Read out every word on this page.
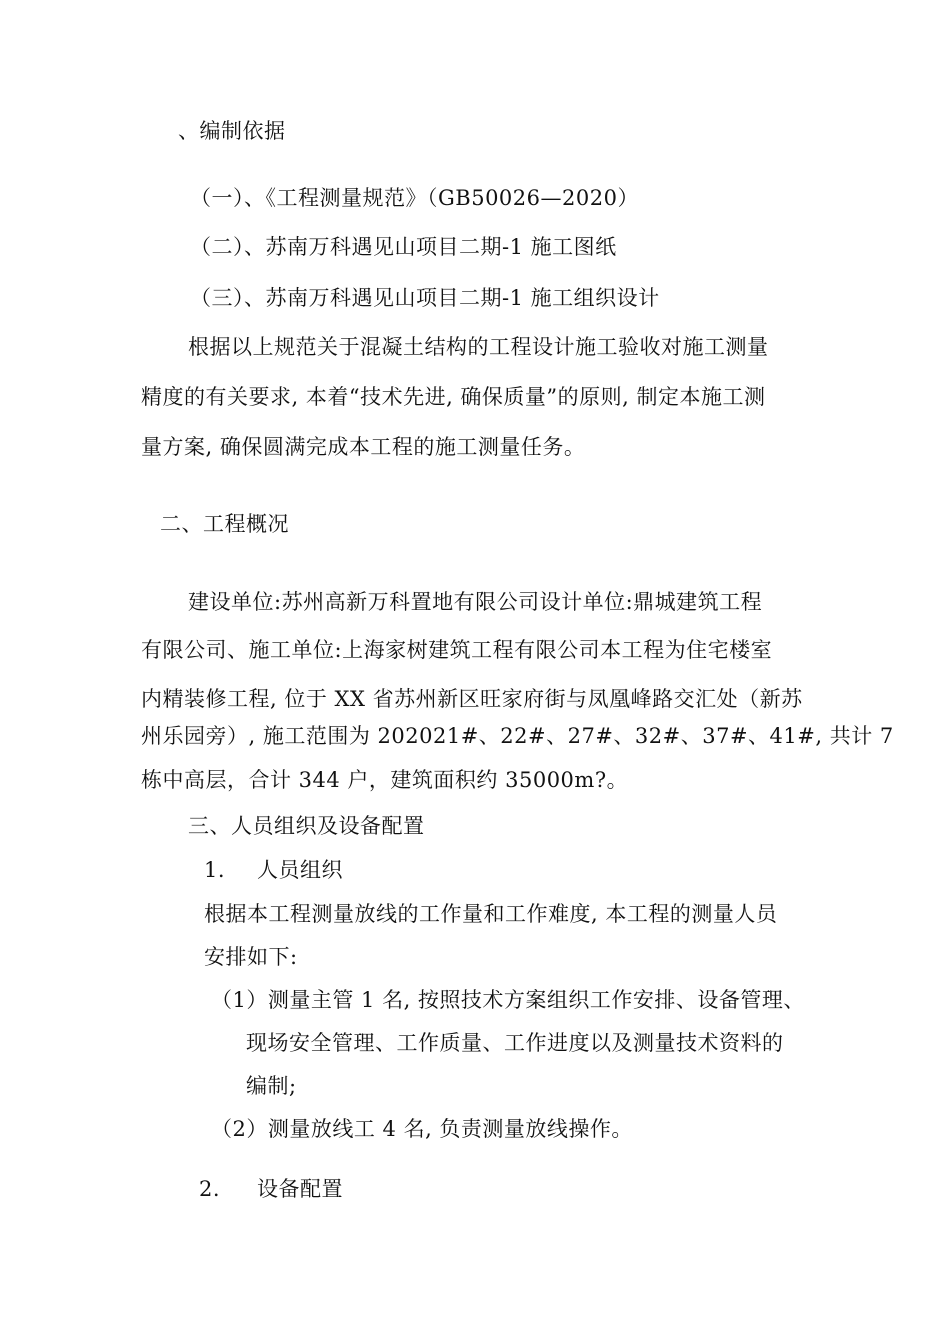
、编制依据
（一）、《工程测量规范》（GB50026—2020）
（二）、苏南万科遇见山项目二期-1 施工图纸
（三）、苏南万科遇见山项目二期-1 施工组织设计
根据以上规范关于混凝土结构的工程设计施工验收对施工测量
精度的有关要求, 本着“技术先进, 确保质量”的原则, 制定本施工测
量方案, 确保圆满完成本工程的施工测量任务。
二、工程概况
建设单位:苏州高新万科置地有限公司设计单位:鼎城建筑工程
有限公司、施工单位:上海家树建筑工程有限公司本工程为住宅楼室
内精装修工程, 位于 XX 省苏州新区旺家府街与凤凰峰路交汇处（新苏
州乐园旁）, 施工范围为 202021#、22#、27#、32#、37#、41#, 共计 7
栋中高层，合计 344 户，建筑面积约 35000m?。
三、人员组织及设备配置
1. 人员组织
根据本工程测量放线的工作量和工作难度, 本工程的测量人员
安排如下:
（1）测量主管 1 名, 按照技术方案组织工作安排、设备管理、
现场安全管理、工作质量、工作进度以及测量技术资料的
编制;
（2）测量放线工 4 名, 负责测量放线操作。
2. 设备配置
